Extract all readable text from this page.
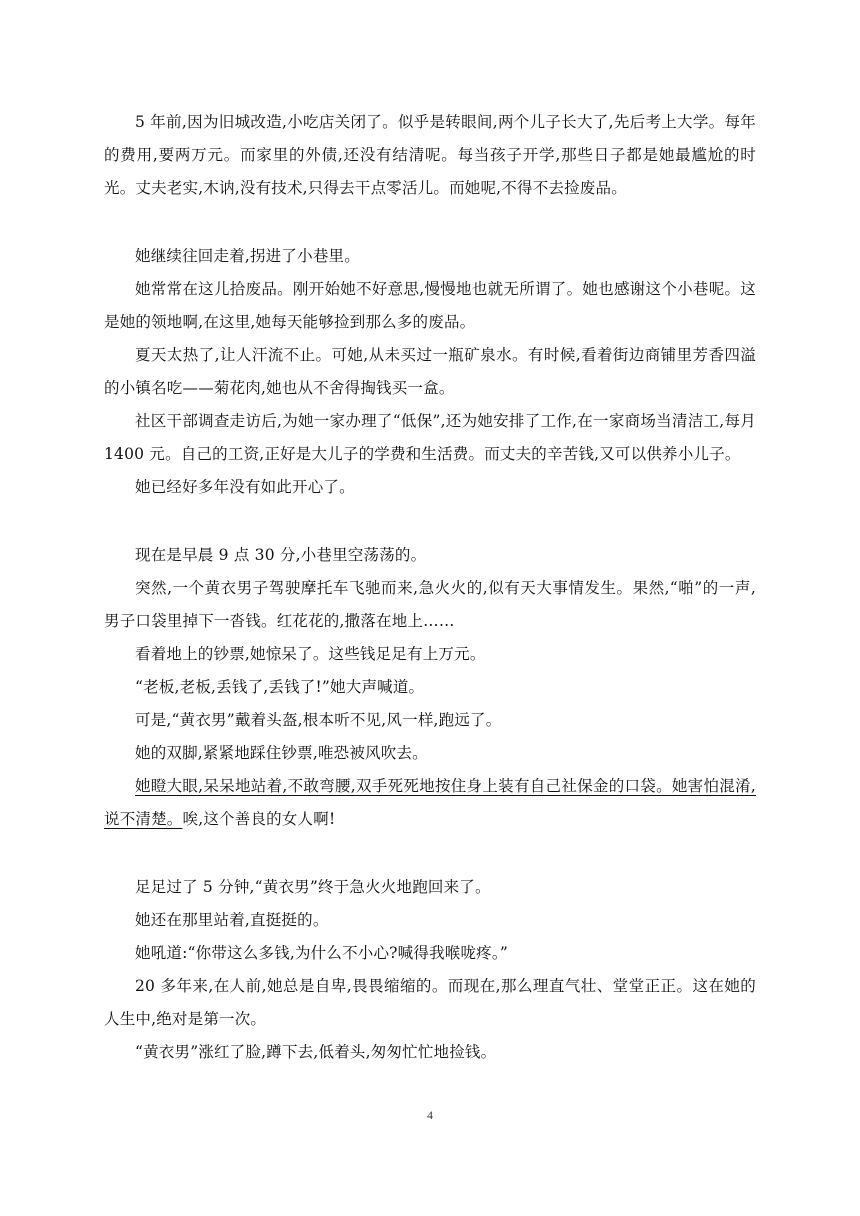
5 年前,因为旧城改造,小吃店关闭了。似乎是转眼间,两个儿子长大了,先后考上大学。每年的费用,要两万元。而家里的外债,还没有结清呢。每当孩子开学,那些日子都是她最尴尬的时光。丈夫老实,木讷,没有技术,只得去干点零活儿。而她呢,不得不去捡废品。

她继续往回走着,拐进了小巷里。

她常常在这儿拾废品。刚开始她不好意思,慢慢地也就无所谓了。她也感谢这个小巷呢。这是她的领地啊,在这里,她每天能够捡到那么多的废品。

夏天太热了,让人汗流不止。可她,从未买过一瓶矿泉水。有时候,看着街边商铺里芳香四溢的小镇名吃——菊花肉,她也从不舍得掏钱买一盒。

社区干部调查走访后,为她一家办理了“低保”,还为她安排了工作,在一家商场当清洁工,每月 1400 元。自己的工资,正好是大儿子的学费和生活费。而丈夫的辛苦钱,又可以供养小儿子。

她已经好多年没有如此开心了。

现在是早晨 9 点 30 分,小巷里空荡荡的。

突然,一个黄衣男子驾驶摩托车飞驰而来,急火火的,似有天大事情发生。果然,“啪”的一声,男子口袋里掉下一沓钱。红花花的,撒落在地上……

看着地上的钞票,她惊呆了。这些钱足足有上万元。

“老板,老板,丢钱了,丢钱了!”她大声喊道。

可是,“黄衣男”戴着头盔,根本听不见,风一样,跑远了。

她的双脚,紧紧地踩住钞票,唯恐被风吹去。

她瞪大眼,呆呆地站着,不敢弯腰,双手死死地按住身上装有自己社保金的口袋。她害怕混淆,说不清楚。唉,这个善良的女人啊!

足足过了 5 分钟,“黄衣男”终于急火火地跑回来了。

她还在那里站着,直挺挺的。

她吼道:“你带这么多钱,为什么不小心?喊得我喉咙疼。”

20 多年来,在人前,她总是自卑,畏畏缩缩的。而现在,那么理直气壮、堂堂正正。这在她的人生中,绝对是第一次。

“黄衣男”涨红了脸,蹲下去,低着头,匆匆忙忙地捡钱。

4
